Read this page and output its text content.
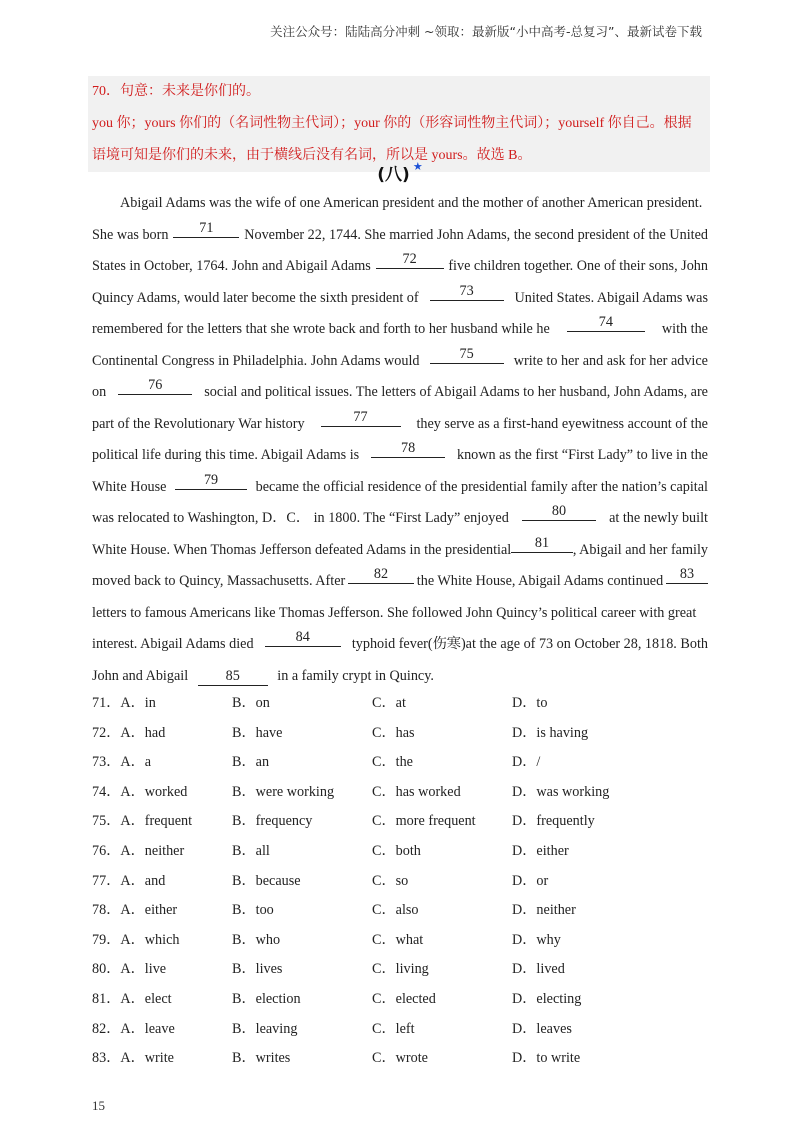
关注公众号：陆陆高分冲刺 ~领取：最新版“小中高考-总复习”、最新试卷下载
70．句意：未来是你们的。
you 你；yours 你们的（名词性物主代词）；your 你的（形容词性物主代词）；yourself 你自己。根据
语境可知是你们的未来，由于横线后没有名词，所以是 yours。故选 B。
(八) ★
Abigail Adams was the wife of one American president and the mother of another American president.
She was born	71	November 22, 1744. She married John Adams, the second president of the United
States in October, 1764. John and Abigail Adams	72	five children together. One of their sons, John
Quincy Adams, would later become the sixth president of	73	United States. Abigail Adams was
remembered for the letters that she wrote back and forth to her husband while he	74	with the
Continental Congress in Philadelphia. John Adams would	75	write to her and ask for her advice
on	76	social and political issues. The letters of Abigail Adams to her husband, John Adams, are
part of the Revolutionary War history	77	they serve as a first-hand eyewitness account of the
political life during this time. Abigail Adams is	78	known as the first “First Lady” to live in the
White House	79	became the official residence of the presidential family after the nation’s capital
was relocated to Washington, D．C． in 1800. The “First Lady” enjoyed	80	at the newly built
White House. When Thomas Jefferson defeated Adams in the presidential	81	, Abigail and her family
moved back to Quincy, Massachusetts. After	82	the White House, Abigail Adams continued	83
letters to famous Americans like Thomas Jefferson. She followed John Quincy’s political career with great
interest. Abigail Adams died	84	typhoid fever(伤寒)at the age of 73 on October 28, 1818. Both
John and Abigail	85	in a family crypt in Quincy.
71．A．in	B．on	C．at	D．to
72．A．had	B．have	C．has	D．is having
73．A．a	B．an	C．the	D．/
74．A．worked	B．were working	C．has worked	D．was working
75．A．frequent	B．frequency	C．more frequent	D．frequently
76．A．neither	B．all	C．both	D．either
77．A．and	B．because	C．so	D．or
78．A．either	B．too	C．also	D．neither
79．A．which	B．who	C．what	D．why
80．A．live	B．lives	C．living	D．lived
81．A．elect	B．election	C．elected	D．electing
82．A．leave	B．leaving	C．left	D．leaves
83．A．write	B．writes	C．wrote	D．to write
15
